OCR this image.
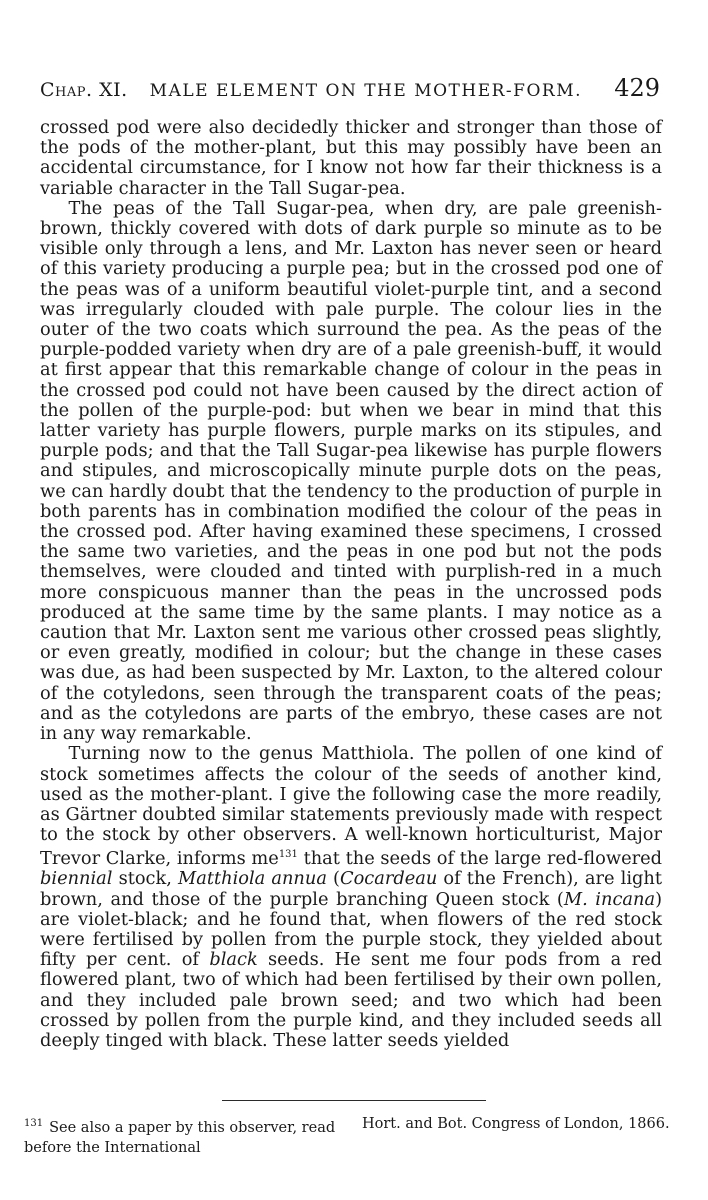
Chap. XI. MALE ELEMENT ON THE MOTHER-FORM.	429

crossed pod were also decidedly thicker and stronger than those of the pods of the mother-plant, but this may possibly have been an accidental circumstance, for I know not how far their thickness is a variable character in the Tall Sugar-pea.

The peas of the Tall Sugar-pea, when dry, are pale greenish-brown, thickly covered with dots of dark purple so minute as to be visible only through a lens, and Mr. Laxton has never seen or heard of this variety producing a purple pea; but in the crossed pod one of the peas was of a uniform beautiful violet-purple tint, and a second was irregularly clouded with pale purple. The colour lies in the outer of the two coats which surround the pea. As the peas of the purple-podded variety when dry are of a pale greenish-buff, it would at first appear that this remarkable change of colour in the peas in the crossed pod could not have been caused by the direct action of the pollen of the purple-pod: but when we bear in mind that this latter variety has purple flowers, purple marks on its stipules, and purple pods; and that the Tall Sugar-pea likewise has purple flowers and stipules, and microscopically minute purple dots on the peas, we can hardly doubt that the tendency to the production of purple in both parents has in combination modified the colour of the peas in the crossed pod. After having examined these specimens, I crossed the same two varieties, and the peas in one pod but not the pods themselves, were clouded and tinted with purplish-red in a much more conspicuous manner than the peas in the uncrossed pods produced at the same time by the same plants. I may notice as a caution that Mr. Laxton sent me various other crossed peas slightly, or even greatly, modified in colour; but the change in these cases was due, as had been suspected by Mr. Laxton, to the altered colour of the cotyledons, seen through the transparent coats of the peas; and as the cotyledons are parts of the embryo, these cases are not in any way remarkable.

Turning now to the genus Matthiola. The pollen of one kind of stock sometimes affects the colour of the seeds of another kind, used as the mother-plant. I give the following case the more readily, as Gärtner doubted similar statements previously made with respect to the stock by other observers. A well-known horticulturist, Major Trevor Clarke, informs $me^{131}$ that the seeds of the large red-flowered biennial stock, Matthiola annua (Cocardeau of the French), are light brown, and those of the purple branching Queen stock (M. incana) are violet-black; and he found that, when flowers of the red stock were fertilised by pollen from the purple stock, they yielded about fifty per cent. of black seeds. He sent me four pods from a red flowered plant, two of which had been fertilised by their own pollen, and they included pale brown seed; and two which had been crossed by pollen from the purple kind, and they included seeds all deeply tinged with black. These latter seeds yielded

$^{131}$ See also a paper by this observer, read before the International
Hort. and Bot. Congress of London, 1866.
